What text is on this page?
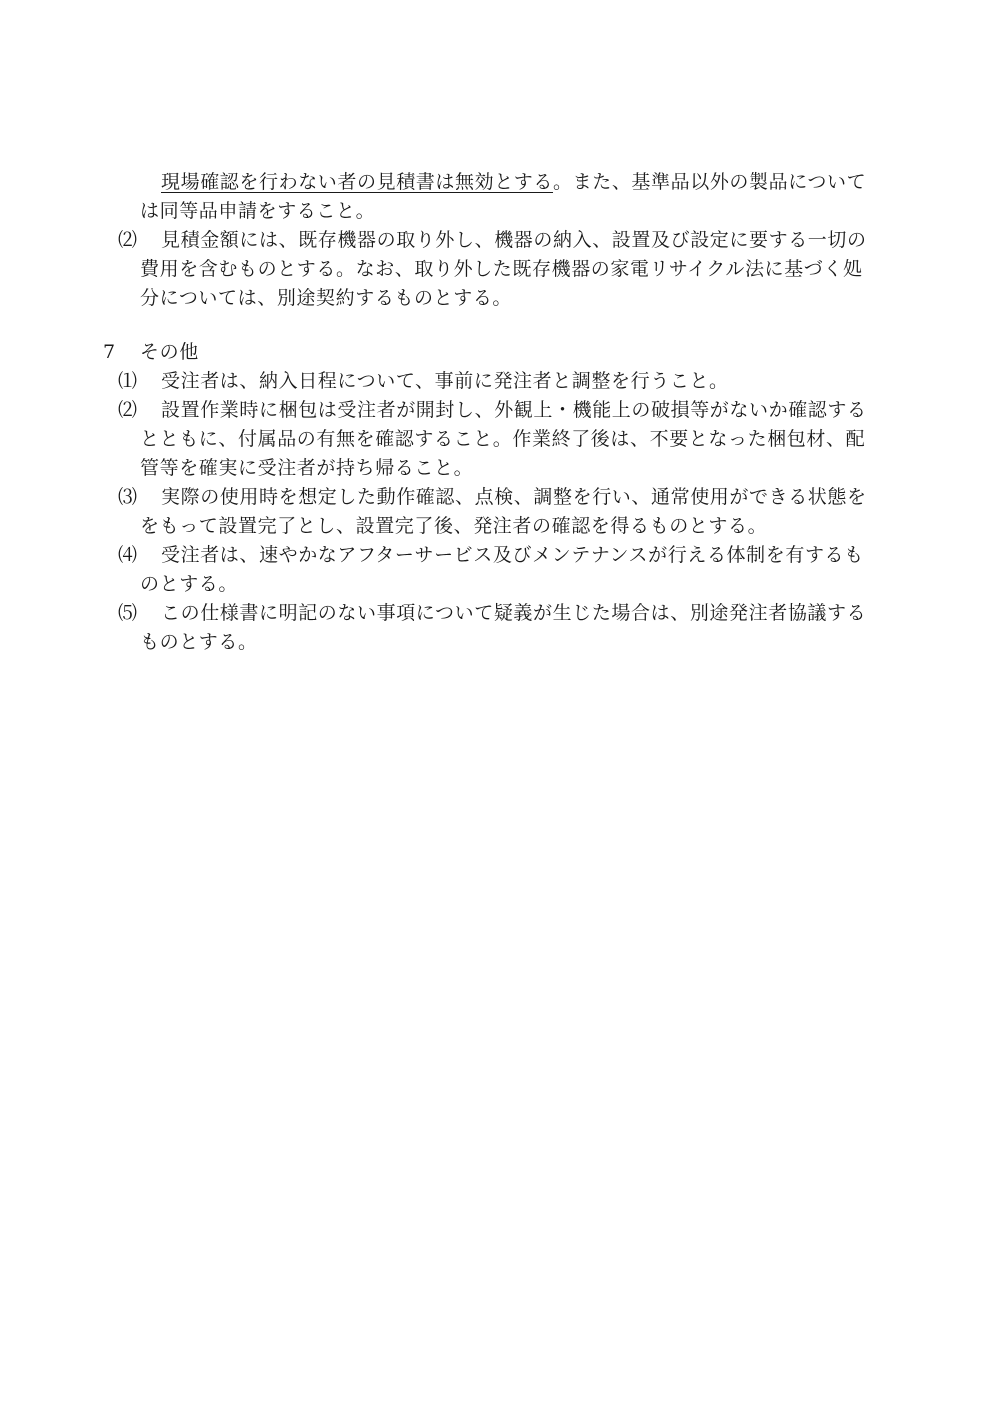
現場確認を行わない者の見積書は無効とする。また、基準品以外の製品について
は同等品申請をすること。
⑵ 見積金額には、既存機器の取り外し、機器の納入、設置及び設定に要する一切の
費用を含むものとする。なお、取り外した既存機器の家電リサイクル法に基づく処
分については、別途契約するものとする。
7 その他
⑴ 受注者は、納入日程について、事前に発注者と調整を行うこと。
⑵ 設置作業時に梱包は受注者が開封し、外観上・機能上の破損等がないか確認する
とともに、付属品の有無を確認すること。作業終了後は、不要となった梱包材、配
管等を確実に受注者が持ち帰ること。
⑶ 実際の使用時を想定した動作確認、点検、調整を行い、通常使用ができる状態を
をもって設置完了とし、設置完了後、発注者の確認を得るものとする。
⑷ 受注者は、速やかなアフターサービス及びメンテナンスが行える体制を有するも
のとする。
⑸ この仕様書に明記のない事項について疑義が生じた場合は、別途発注者協議する
ものとする。
